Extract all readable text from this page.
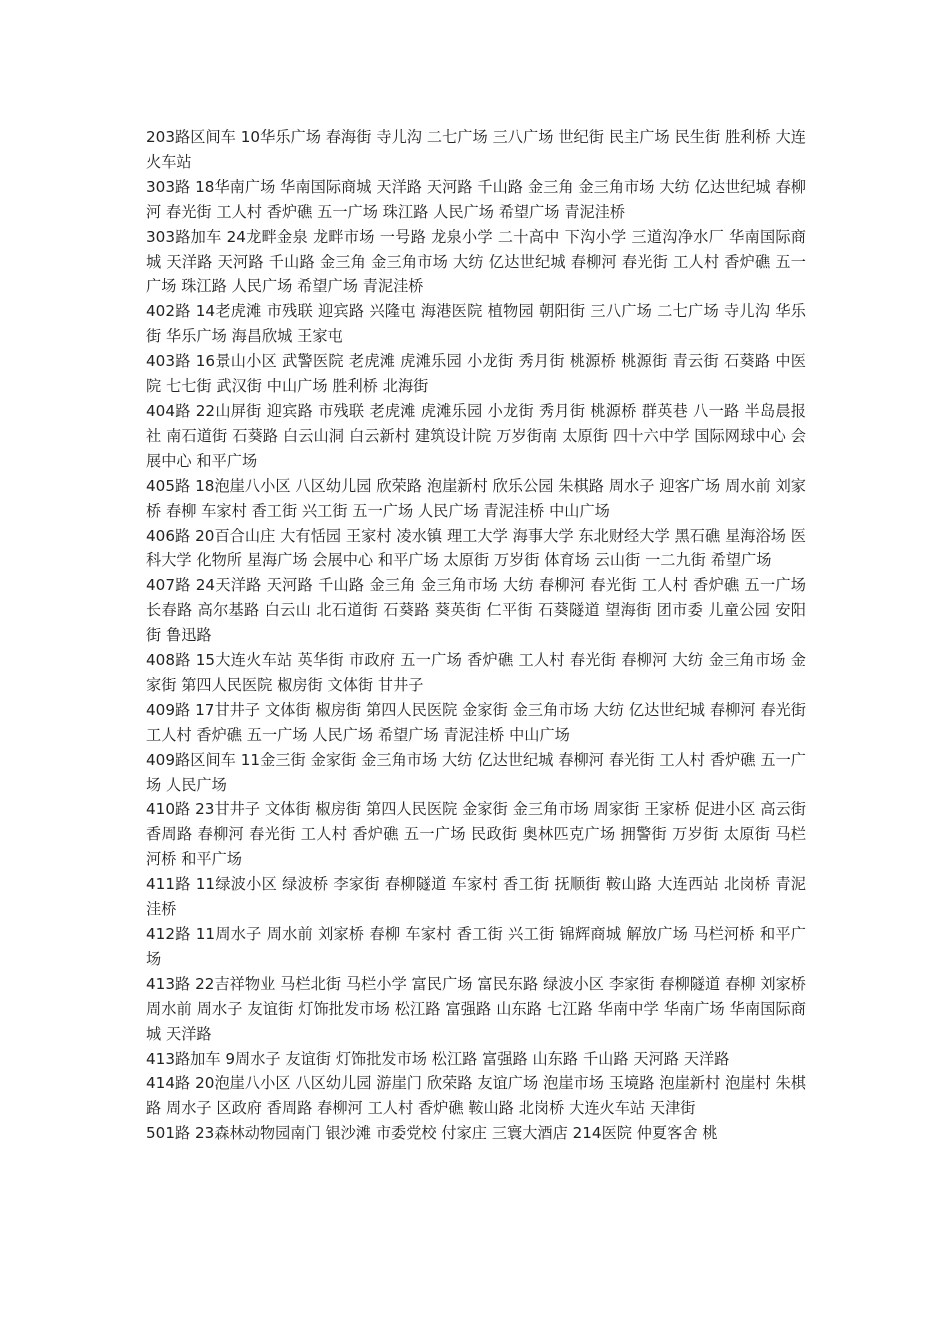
203路区间车 10华乐广场 春海街 寺儿沟 二七广场 三八广场 世纪街 民主广场 民生街 胜利桥 大连火车站

303路 18华南广场 华南国际商城 天洋路 天河路 千山路 金三角 金三角市场 大纺 亿达世纪城 春柳河 春光街 工人村 香炉礁 五一广场 珠江路 人民广场 希望广场 青泥洼桥

303路加车 24龙畔金泉 龙畔市场 一号路 龙泉小学 二十高中 下沟小学 三道沟净水厂 华南国际商城 天洋路 天河路 千山路 金三角 金三角市场 大纺 亿达世纪城 春柳河 春光街 工人村 香炉礁 五一广场 珠江路 人民广场 希望广场 青泥洼桥

402路 14老虎滩 市残联 迎宾路 兴隆屯 海港医院 植物园 朝阳街 三八广场 二七广场 寺儿沟 华乐街 华乐广场 海昌欣城 王家屯

403路 16景山小区 武警医院 老虎滩 虎滩乐园 小龙街 秀月街 桃源桥 桃源街 青云街 石葵路 中医院 七七街 武汉街 中山广场 胜利桥 北海街

404路 22山屏街 迎宾路 市残联 老虎滩 虎滩乐园 小龙街 秀月街 桃源桥 群英巷 八一路 半岛晨报社 南石道街 石葵路 白云山洞 白云新村 建筑设计院 万岁街南 太原街 四十六中学 国际网球中心 会展中心 和平广场

405路 18泡崖八小区 八区幼儿园 欣荣路 泡崖新村 欣乐公园 朱棋路 周水子 迎客广场 周水前 刘家桥 春柳 车家村 香工街 兴工街 五一广场 人民广场 青泥洼桥 中山广场

406路 20百合山庄 大有恬园 王家村 凌水镇 理工大学 海事大学 东北财经大学 黑石礁 星海浴场 医科大学 化物所 星海广场 会展中心 和平广场 太原街 万岁街 体育场 云山街 一二九街 希望广场

407路 24天洋路 天河路 千山路 金三角 金三角市场 大纺 春柳河 春光街 工人村 香炉礁 五一广场 长春路 高尔基路 白云山 北石道街 石葵路 葵英街 仁平街 石葵隧道 望海街 团市委 儿童公园 安阳街 鲁迅路

408路 15大连火车站 英华街 市政府 五一广场 香炉礁 工人村 春光街 春柳河 大纺 金三角市场 金家街 第四人民医院 椒房街 文体街 甘井子

409路 17甘井子 文体街 椒房街 第四人民医院 金家街 金三角市场 大纺 亿达世纪城 春柳河 春光街 工人村 香炉礁 五一广场 人民广场 希望广场 青泥洼桥 中山广场

409路区间车 11金三街 金家街 金三角市场 大纺 亿达世纪城 春柳河 春光街 工人村 香炉礁 五一广场 人民广场

410路 23甘井子 文体街 椒房街 第四人民医院 金家街 金三角市场 周家街 王家桥 促进小区 高云街 香周路 春柳河 春光街 工人村 香炉礁 五一广场 民政街 奥林匹克广场 拥警街 万岁街 太原街 马栏河桥 和平广场

411路 11绿波小区 绿波桥 李家街 春柳隧道 车家村 香工街 抚顺街 鞍山路 大连西站 北岗桥 青泥洼桥

412路 11周水子 周水前 刘家桥 春柳 车家村 香工街 兴工街 锦辉商城 解放广场 马栏河桥 和平广场

413路 22吉祥物业 马栏北街 马栏小学 富民广场 富民东路 绿波小区 李家街 春柳隧道 春柳 刘家桥 周水前 周水子 友谊街 灯饰批发市场 松江路 富强路 山东路 七江路 华南中学 华南广场 华南国际商城 天洋路

413路加车 9周水子 友谊街 灯饰批发市场 松江路 富强路 山东路 千山路 天河路 天洋路

414路 20泡崖八小区 八区幼儿园 游崖门 欣荣路 友谊广场 泡崖市场 玉境路 泡崖新村 泡崖村 朱棋路 周水子 区政府 香周路 春柳河 工人村 香炉礁 鞍山路 北岗桥 大连火车站 天津街

501路 23森林动物园南门 银沙滩 市委党校 付家庄 三寰大酒店 214医院 仲夏客舍 桃
